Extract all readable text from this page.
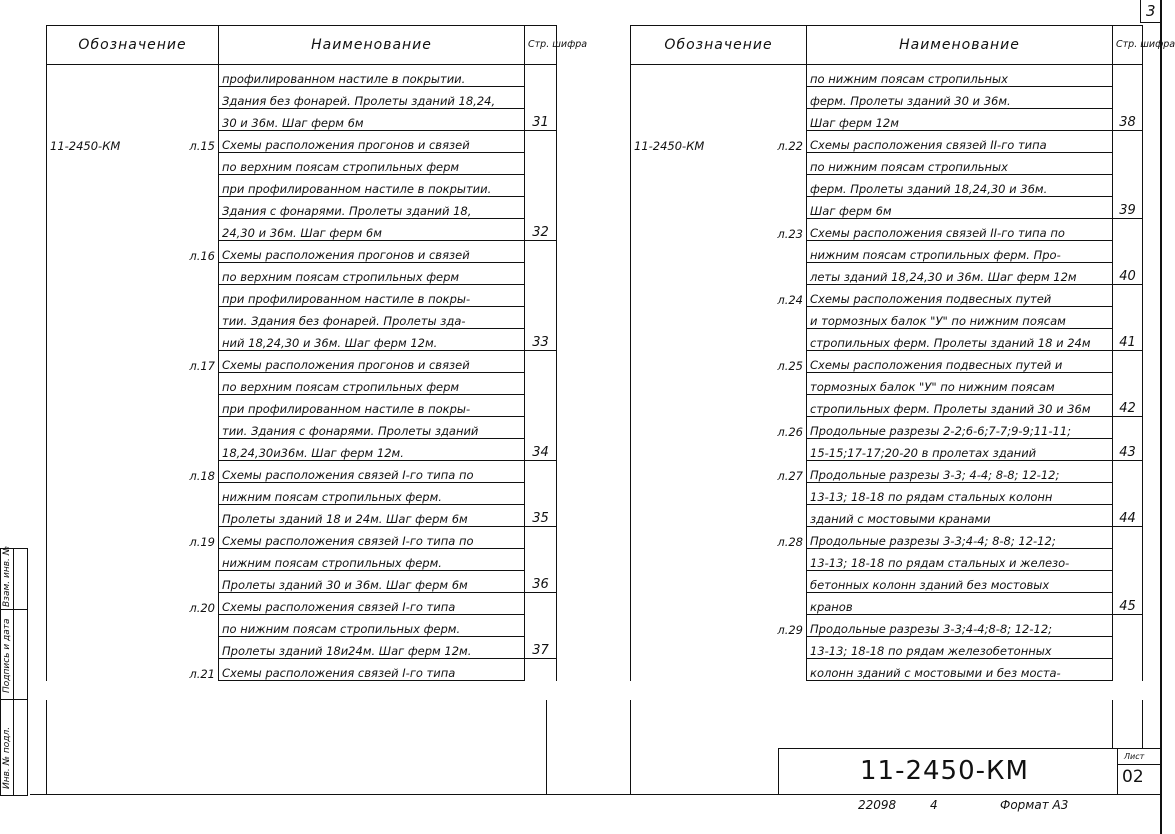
3
Обозначение	Наименование	Стр. шифра

	профилированном настиле в покрытии.	

	Здания без фонарей. Пролеты зданий 18,24,	

	30 и 36м. Шаг ферм 6м	31

11-2450-КМ л.15	Схемы расположения прогонов и связей	

	по верхним поясам стропильных ферм	

	при профилированном настиле в покрытии.	

	Здания с фонарями. Пролеты зданий 18,	

	24,30 и 36м. Шаг ферм 6м	32

л.16	Схемы расположения прогонов и связей	

	по верхним поясам стропильных ферм	

	при профилированном настиле в покры-	

	тии. Здания без фонарей. Пролеты зда-	

	ний 18,24,30 и 36м. Шаг ферм 12м.	33

л.17	Схемы расположения прогонов и связей	

	по верхним поясам стропильных ферм	

	при профилированном настиле в покры-	

	тии. Здания с фонарями. Пролеты зданий	

	18,24,30и36м. Шаг ферм 12м.	34

л.18	Схемы расположения связей I-го типа по	

	нижним поясам стропильных ферм.	

	Пролеты зданий 18 и 24м. Шаг ферм 6м	35

л.19	Схемы расположения связей I-го типа по	

	нижним поясам стропильных ферм.	

	Пролеты зданий 30 и 36м. Шаг ферм 6м	36

л.20	Схемы расположения связей I-го типа	

	по нижним поясам стропильных ферм.	

	Пролеты зданий 18и24м. Шаг ферм 12м.	37

л.21	Схемы расположения связей I-го типа	
Обозначение	Наименование	Стр. шифра

	по нижним поясам стропильных	

	ферм. Пролеты зданий 30 и 36м.	

	Шаг ферм 12м	38

11-2450-КМ л.22	Схемы расположения связей II-го типа	

	по нижним поясам стропильных	

	ферм. Пролеты зданий 18,24,30 и 36м.	

	Шаг ферм 6м	39

л.23	Схемы расположения связей II-го типа по	

	нижним поясам стропильных ферм. Про-	

	леты зданий 18,24,30 и 36м. Шаг ферм 12м	40

л.24	Схемы расположения подвесных путей	

	и тормозных балок "У" по нижним поясам	

	стропильных ферм. Пролеты зданий 18 и 24м	41

л.25	Схемы расположения подвесных путей и	

	тормозных балок "У" по нижним поясам	

	стропильных ферм. Пролеты зданий 30 и 36м	42

л.26	Продольные разрезы 2-2;6-6;7-7;9-9;11-11;	

	15-15;17-17;20-20 в пролетах зданий	43

л.27	Продольные разрезы 3-3; 4-4; 8-8; 12-12;	

	13-13; 18-18 по рядам стальных колонн	

	зданий с мостовыми кранами	44

л.28	Продольные разрезы 3-3;4-4; 8-8; 12-12;	

	13-13; 18-18 по рядам стальных и железо-	

	бетонных колонн зданий без мостовых	

	кранов	45

л.29	Продольные разрезы 3-3;4-4;8-8; 12-12;	

	13-13; 18-18 по рядам железобетонных	

	колонн зданий с мостовыми и без моста-	
11-2450-КМ	Лист
02
22098	4	Формат А3
Взам. инв. №
Подпись и дата
Инв. № подл.
